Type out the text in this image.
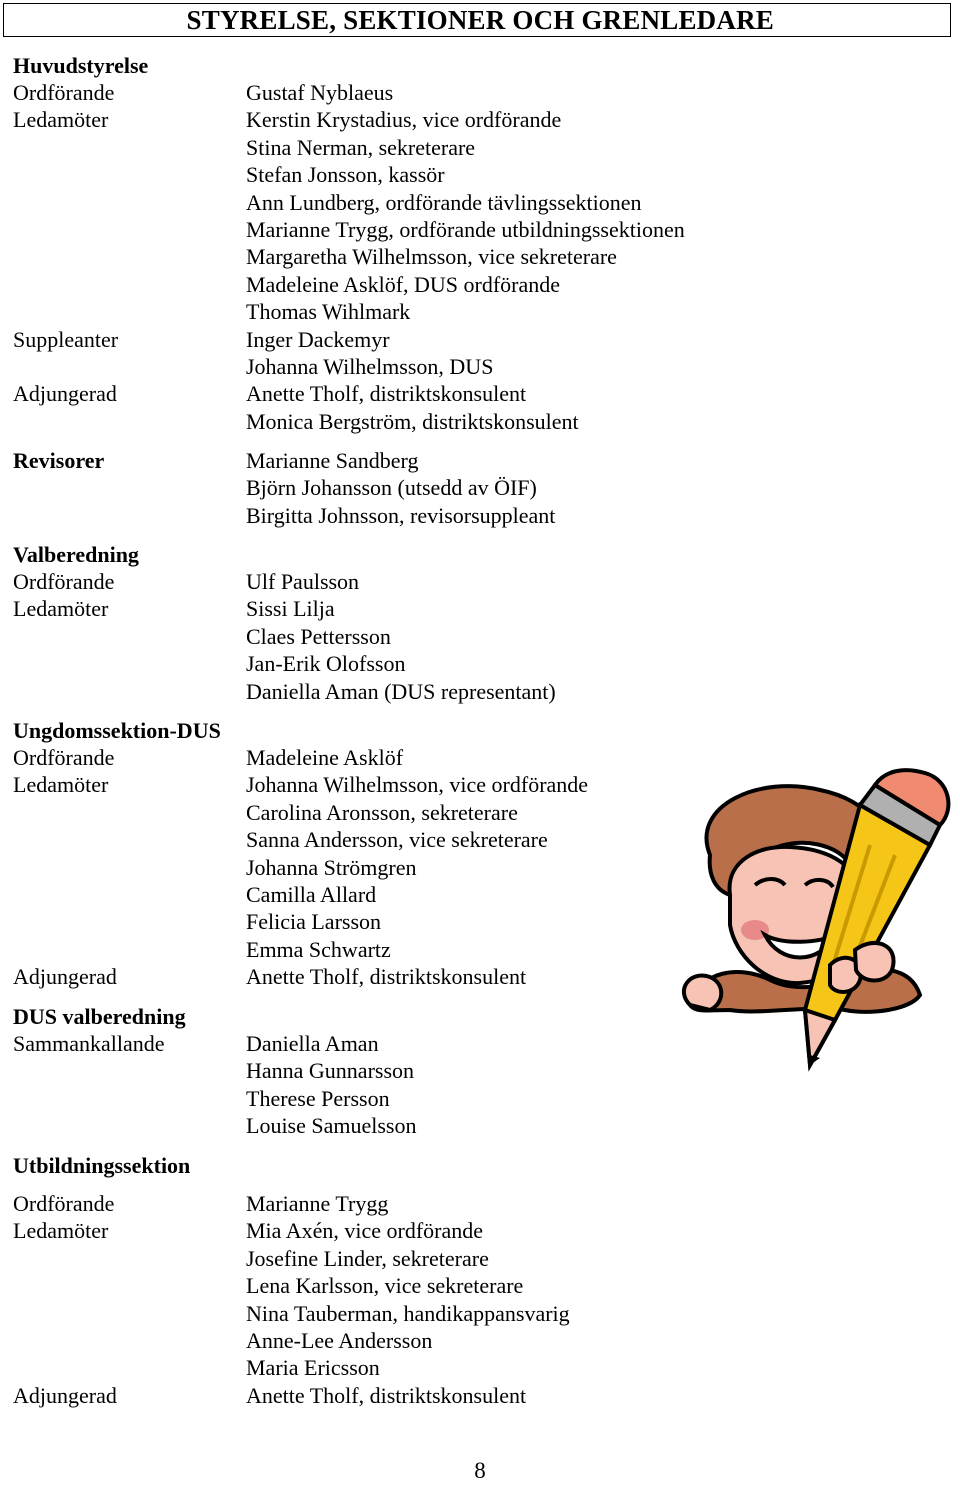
STYRELSE, SEKTIONER OCH GRENLEDARE
Huvudstyrelse
Ordförande	Gustaf Nyblaeus
Ledamöter	Kerstin Krystadius, vice ordförande
Stina Nerman, sekreterare
Stefan Jonsson, kassör
Ann Lundberg, ordförande tävlingssektionen
Marianne Trygg, ordförande utbildningssektionen
Margaretha Wilhelmsson, vice sekreterare
Madeleine Asklöf, DUS ordförande
Thomas Wihlmark
Suppleanter	Inger Dackemyr
Johanna Wilhelmsson, DUS
Adjungerad	Anette Tholf, distriktskonsulent
Monica Bergström, distriktskonsulent
Revisorer	Marianne Sandberg
Björn Johansson (utsedd av ÖIF)
Birgitta Johnsson, revisorsuppleant
Valberedning
Ordförande	Ulf Paulsson
Ledamöter	Sissi Lilja
Claes Pettersson
Jan-Erik Olofsson
Daniella Aman (DUS representant)
Ungdomssektion-DUS
Ordförande	Madeleine Asklöf
Ledamöter	Johanna Wilhelmsson, vice ordförande
Carolina Aronsson, sekreterare
Sanna Andersson, vice sekreterare
Johanna Strömgren
Camilla Allard
Felicia Larsson
Emma Schwartz
Adjungerad	Anette Tholf, distriktskonsulent
DUS valberedning
Sammankallande	Daniella Aman
Hanna Gunnarsson
Therese Persson
Louise Samuelsson
Utbildningssektion
Ordförande	Marianne Trygg
Ledamöter	Mia Axén, vice ordförande
Josefine Linder, sekreterare
Lena Karlsson, vice sekreterare
Nina Tauberman, handikappansvarig
Anne-Lee Andersson
Maria Ericsson
Adjungerad	Anette Tholf, distriktskonsulent
8
